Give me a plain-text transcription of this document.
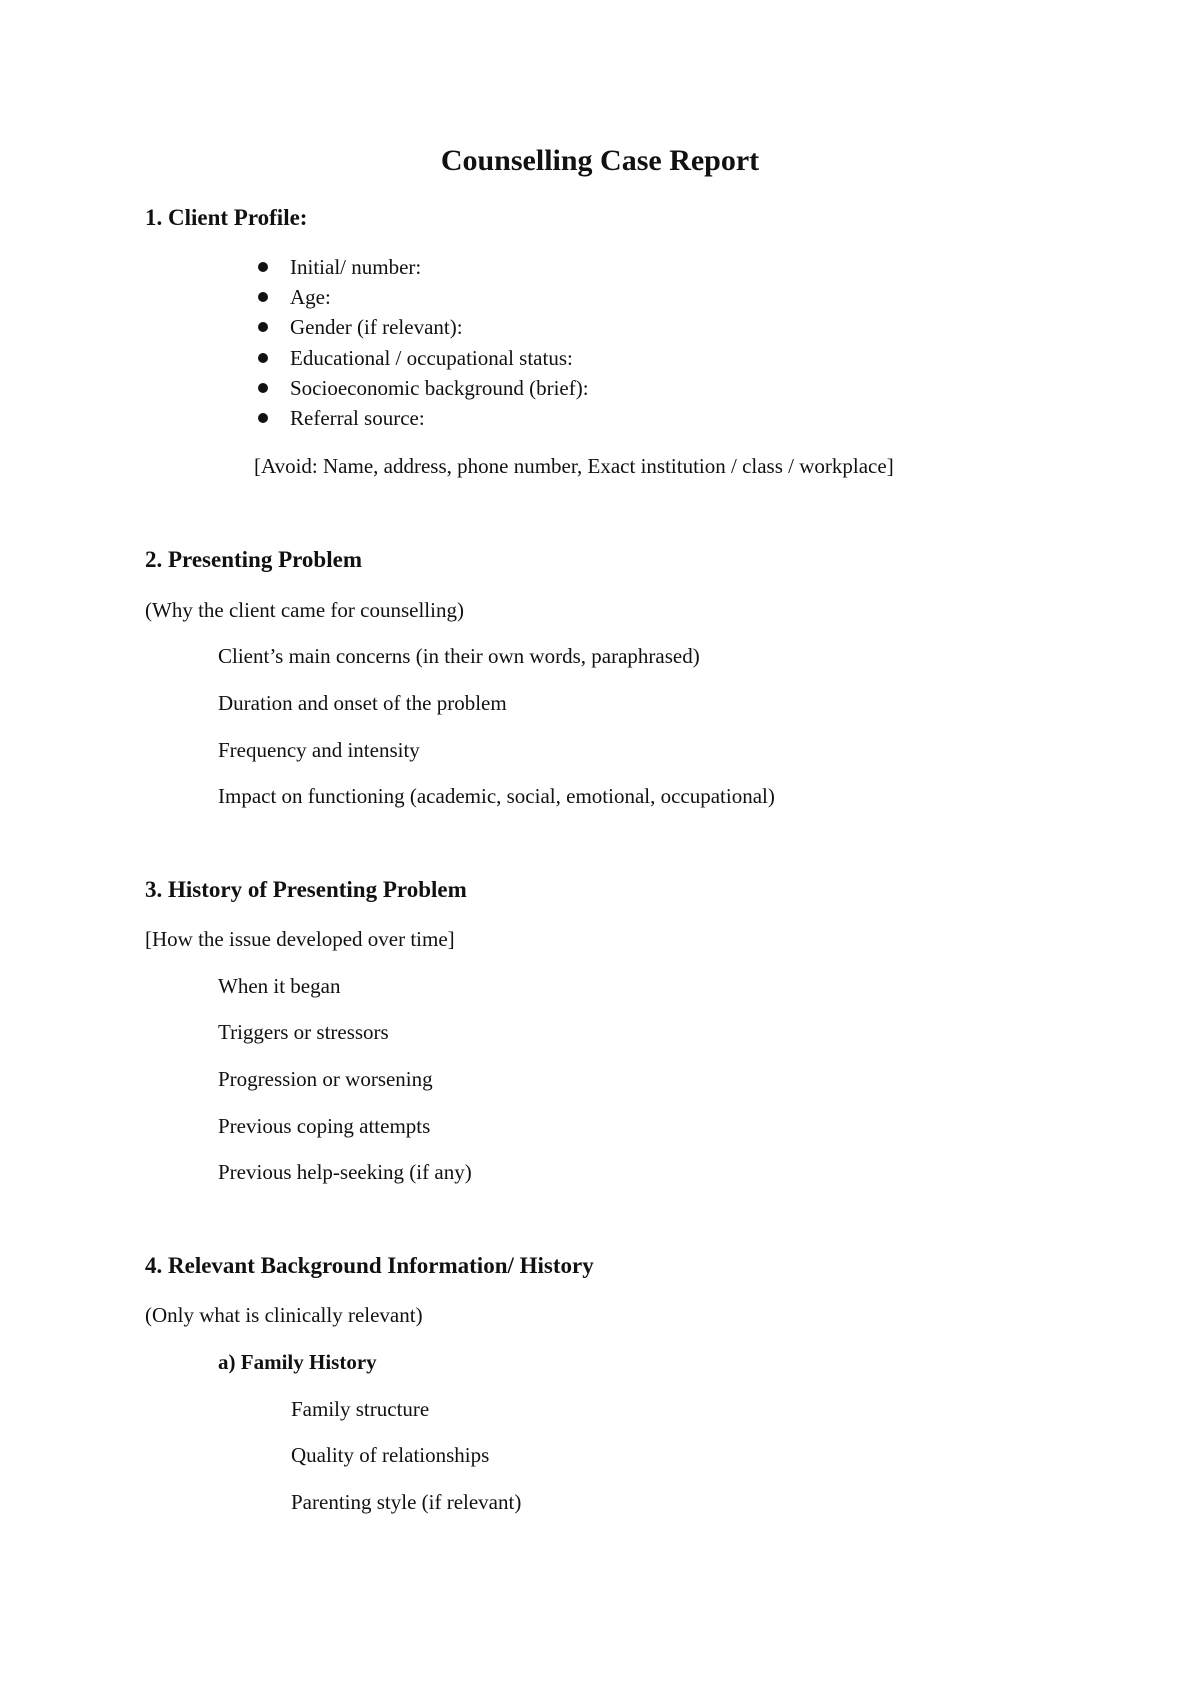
Counselling Case Report
1. Client Profile:
Initial/ number:
Age:
Gender (if relevant):
Educational / occupational status:
Socioeconomic background (brief):
Referral source:
[Avoid: Name, address, phone number, Exact institution / class / workplace]
2. Presenting Problem
(Why the client came for counselling)
Client’s main concerns (in their own words, paraphrased)
Duration and onset of the problem
Frequency and intensity
Impact on functioning (academic, social, emotional, occupational)
3. History of Presenting Problem
[How the issue developed over time]
When it began
Triggers or stressors
Progression or worsening
Previous coping attempts
Previous help-seeking (if any)
4. Relevant Background Information/ History
(Only what is clinically relevant)
a) Family History
Family structure
Quality of relationships
Parenting style (if relevant)
